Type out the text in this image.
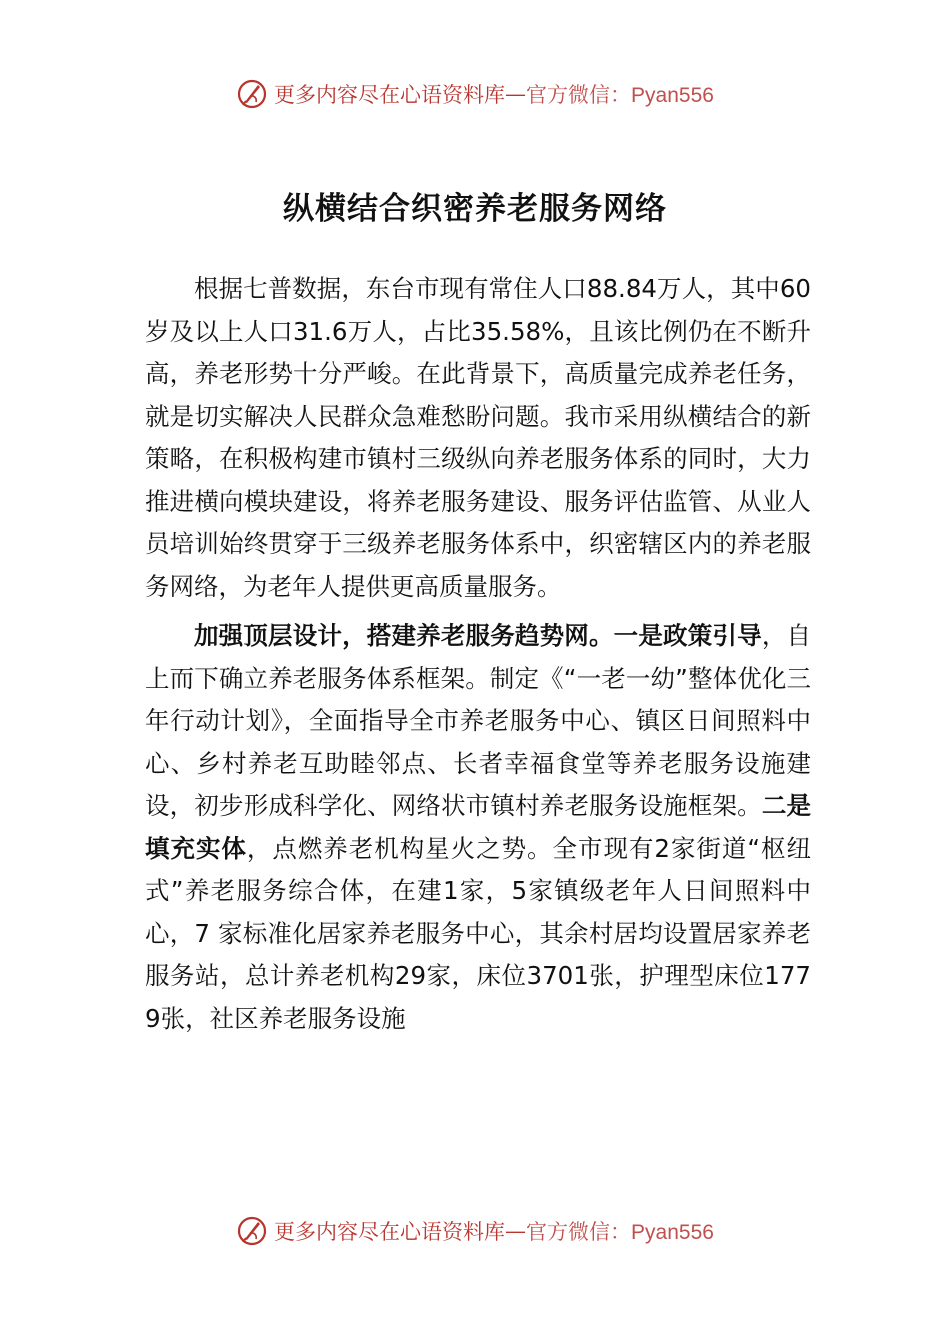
更多内容尽在心语资料库 — 官方微信：Pyan556
纵横结合织密养老服务网络

根据七普数据，东台市现有常住人口88.84万人，其中60岁及以上人口31.6万人，占比35.58%，且该比例仍在不断升高，养老形势十分严峻。在此背景下，高质量完成养老任务，就是切实解决人民群众急难愁盼问题。我市采用纵横结合的新策略，在积极构建市镇村三级纵向养老服务体系的同时，大力推进横向模块建设，将养老服务建设、服务评估监管、从业人员培训始终贯穿于三级养老服务体系中，织密辖区内的养老服务网络，为老年人提供更高质量服务。

加强顶层设计，搭建养老服务趋势网。一是政策引导，自上而下确立养老服务体系框架。制定《“一老一幼”整体优化三年行动计划》，全面指导全市养老服务中心、镇区日间照料中心、乡村养老互助睦邻点、长者幸福食堂等养老服务设施建设，初步形成科学化、网络状市镇村养老服务设施框架。二是填充实体，点燃养老机构星火之势。全市现有2家街道“枢纽式”养老服务综合体，在建1家，5家镇级老年人日间照料中心，7 家标准化居家养老服务中心，其余村居均设置居家养老服务站，总计养老机构29家，床位3701张，护理型床位1779张，社区养老服务设施

更多内容尽在心语资料库 — 官方微信：Pyan556
